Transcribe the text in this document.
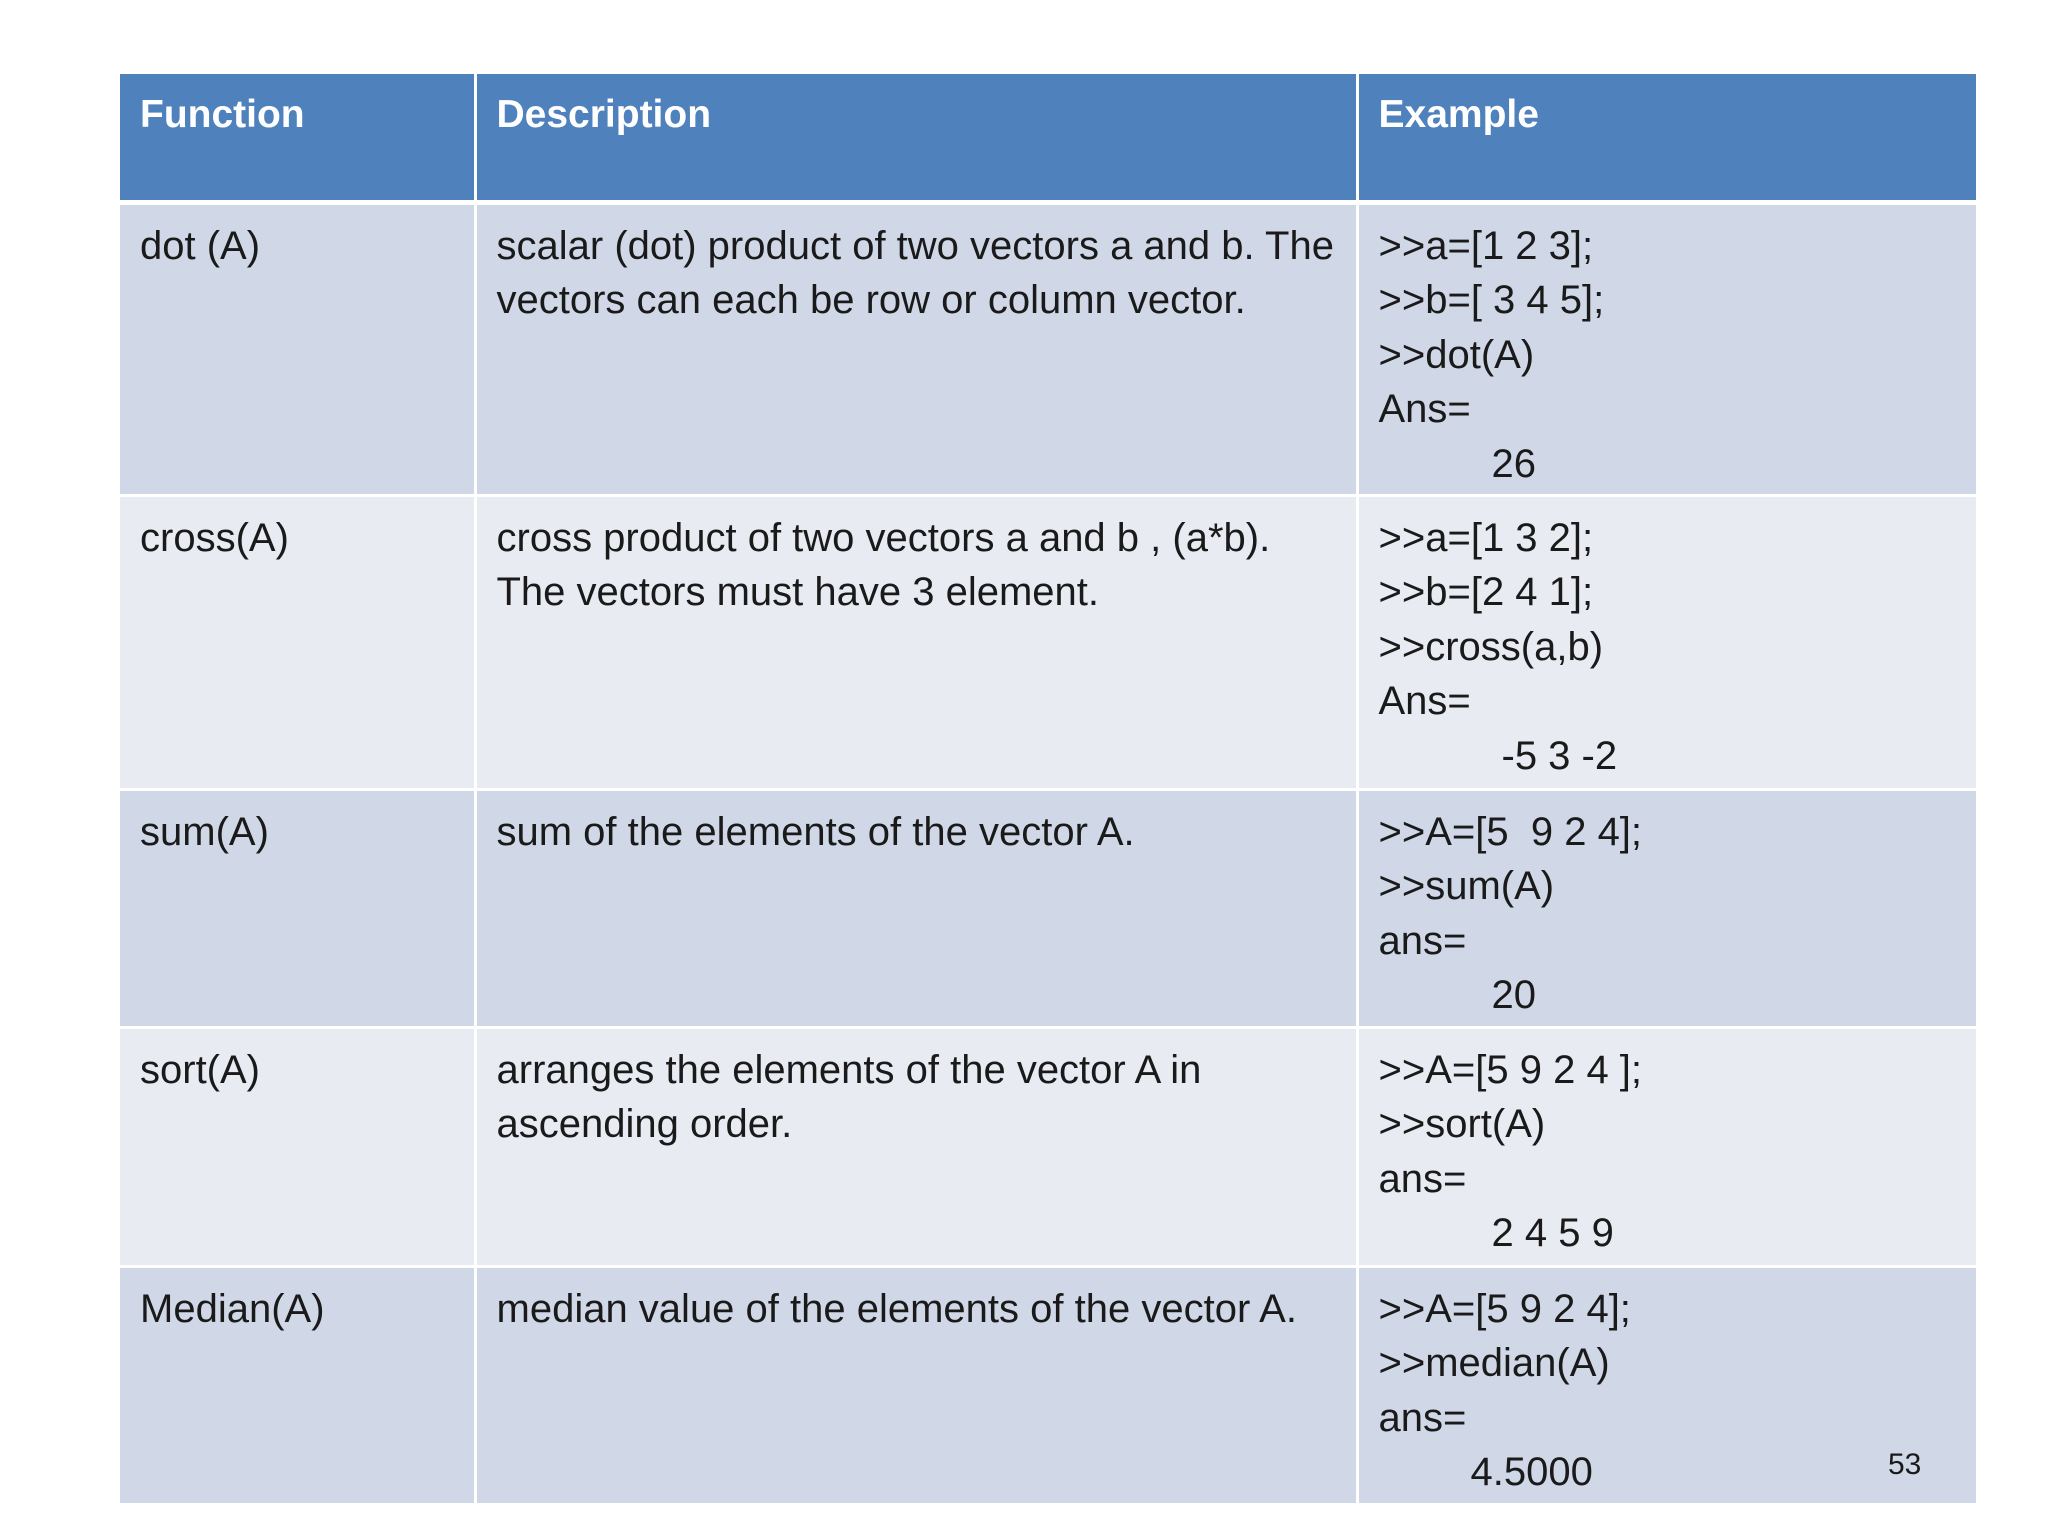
Function	Description	Example
dot (A)	scalar (dot) product of two vectors a and b. The vectors can each be row or column vector.	>>a=[1 2 3];
>>b=[ 3 4 5];
>>dot(A)
Ans=
26

cross(A)	cross product of two vectors a and b , (a*b). The vectors must have 3 element.	>>a=[1 3 2];
>>b=[2 4 1];
>>cross(a,b)
Ans=
-5 3 -2

sum(A)	sum of the elements of the vector A.	>>A=[5  9 2 4];
>>sum(A)
ans=
20

sort(A)	arranges the elements of the vector A in ascending order.	>>A=[5 9 2 4 ];
>>sort(A)
ans=
2 4 5 9

Median(A)	median value of the elements of the vector A.	>>A=[5 9 2 4];
>>median(A)
ans=
4.5000	53
